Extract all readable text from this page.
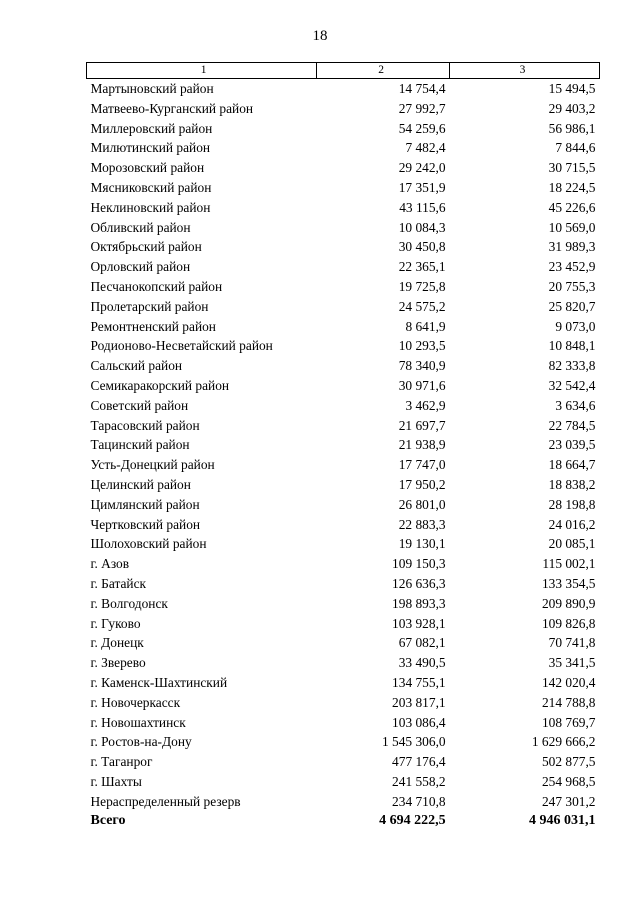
18
1	2	3
Мартыновский район	14 754,4	15 494,5
Матвеево-Курганский район	27 992,7	29 403,2
Миллеровский район	54 259,6	56 986,1
Милютинский район	7 482,4	7 844,6
Морозовский район	29 242,0	30 715,5
Мясниковский район	17 351,9	18 224,5
Неклиновский район	43 115,6	45 226,6
Обливский район	10 084,3	10 569,0
Октябрьский район	30 450,8	31 989,3
Орловский район	22 365,1	23 452,9
Песчанокопский район	19 725,8	20 755,3
Пролетарский район	24 575,2	25 820,7
Ремонтненский район	8 641,9	9 073,0
Родионово-Несветайский район	10 293,5	10 848,1
Сальский район	78 340,9	82 333,8
Семикаракорский район	30 971,6	32 542,4
Советский район	3 462,9	3 634,6
Тарасовский район	21 697,7	22 784,5
Тацинский район	21 938,9	23 039,5
Усть-Донецкий район	17 747,0	18 664,7
Целинский район	17 950,2	18 838,2
Цимлянский район	26 801,0	28 198,8
Чертковский район	22 883,3	24 016,2
Шолоховский район	19 130,1	20 085,1
г. Азов	109 150,3	115 002,1
г. Батайск	126 636,3	133 354,5
г. Волгодонск	198 893,3	209 890,9
г. Гуково	103 928,1	109 826,8
г. Донецк	67 082,1	70 741,8
г. Зверево	33 490,5	35 341,5
г. Каменск-Шахтинский	134 755,1	142 020,4
г. Новочеркасск	203 817,1	214 788,8
г. Новошахтинск	103 086,4	108 769,7
г. Ростов-на-Дону	1 545 306,0	1 629 666,2
г. Таганрог	477 176,4	502 877,5
г. Шахты	241 558,2	254 968,5
Нераспределенный резерв	234 710,8	247 301,2
Всего	4 694 222,5	4 946 031,1
